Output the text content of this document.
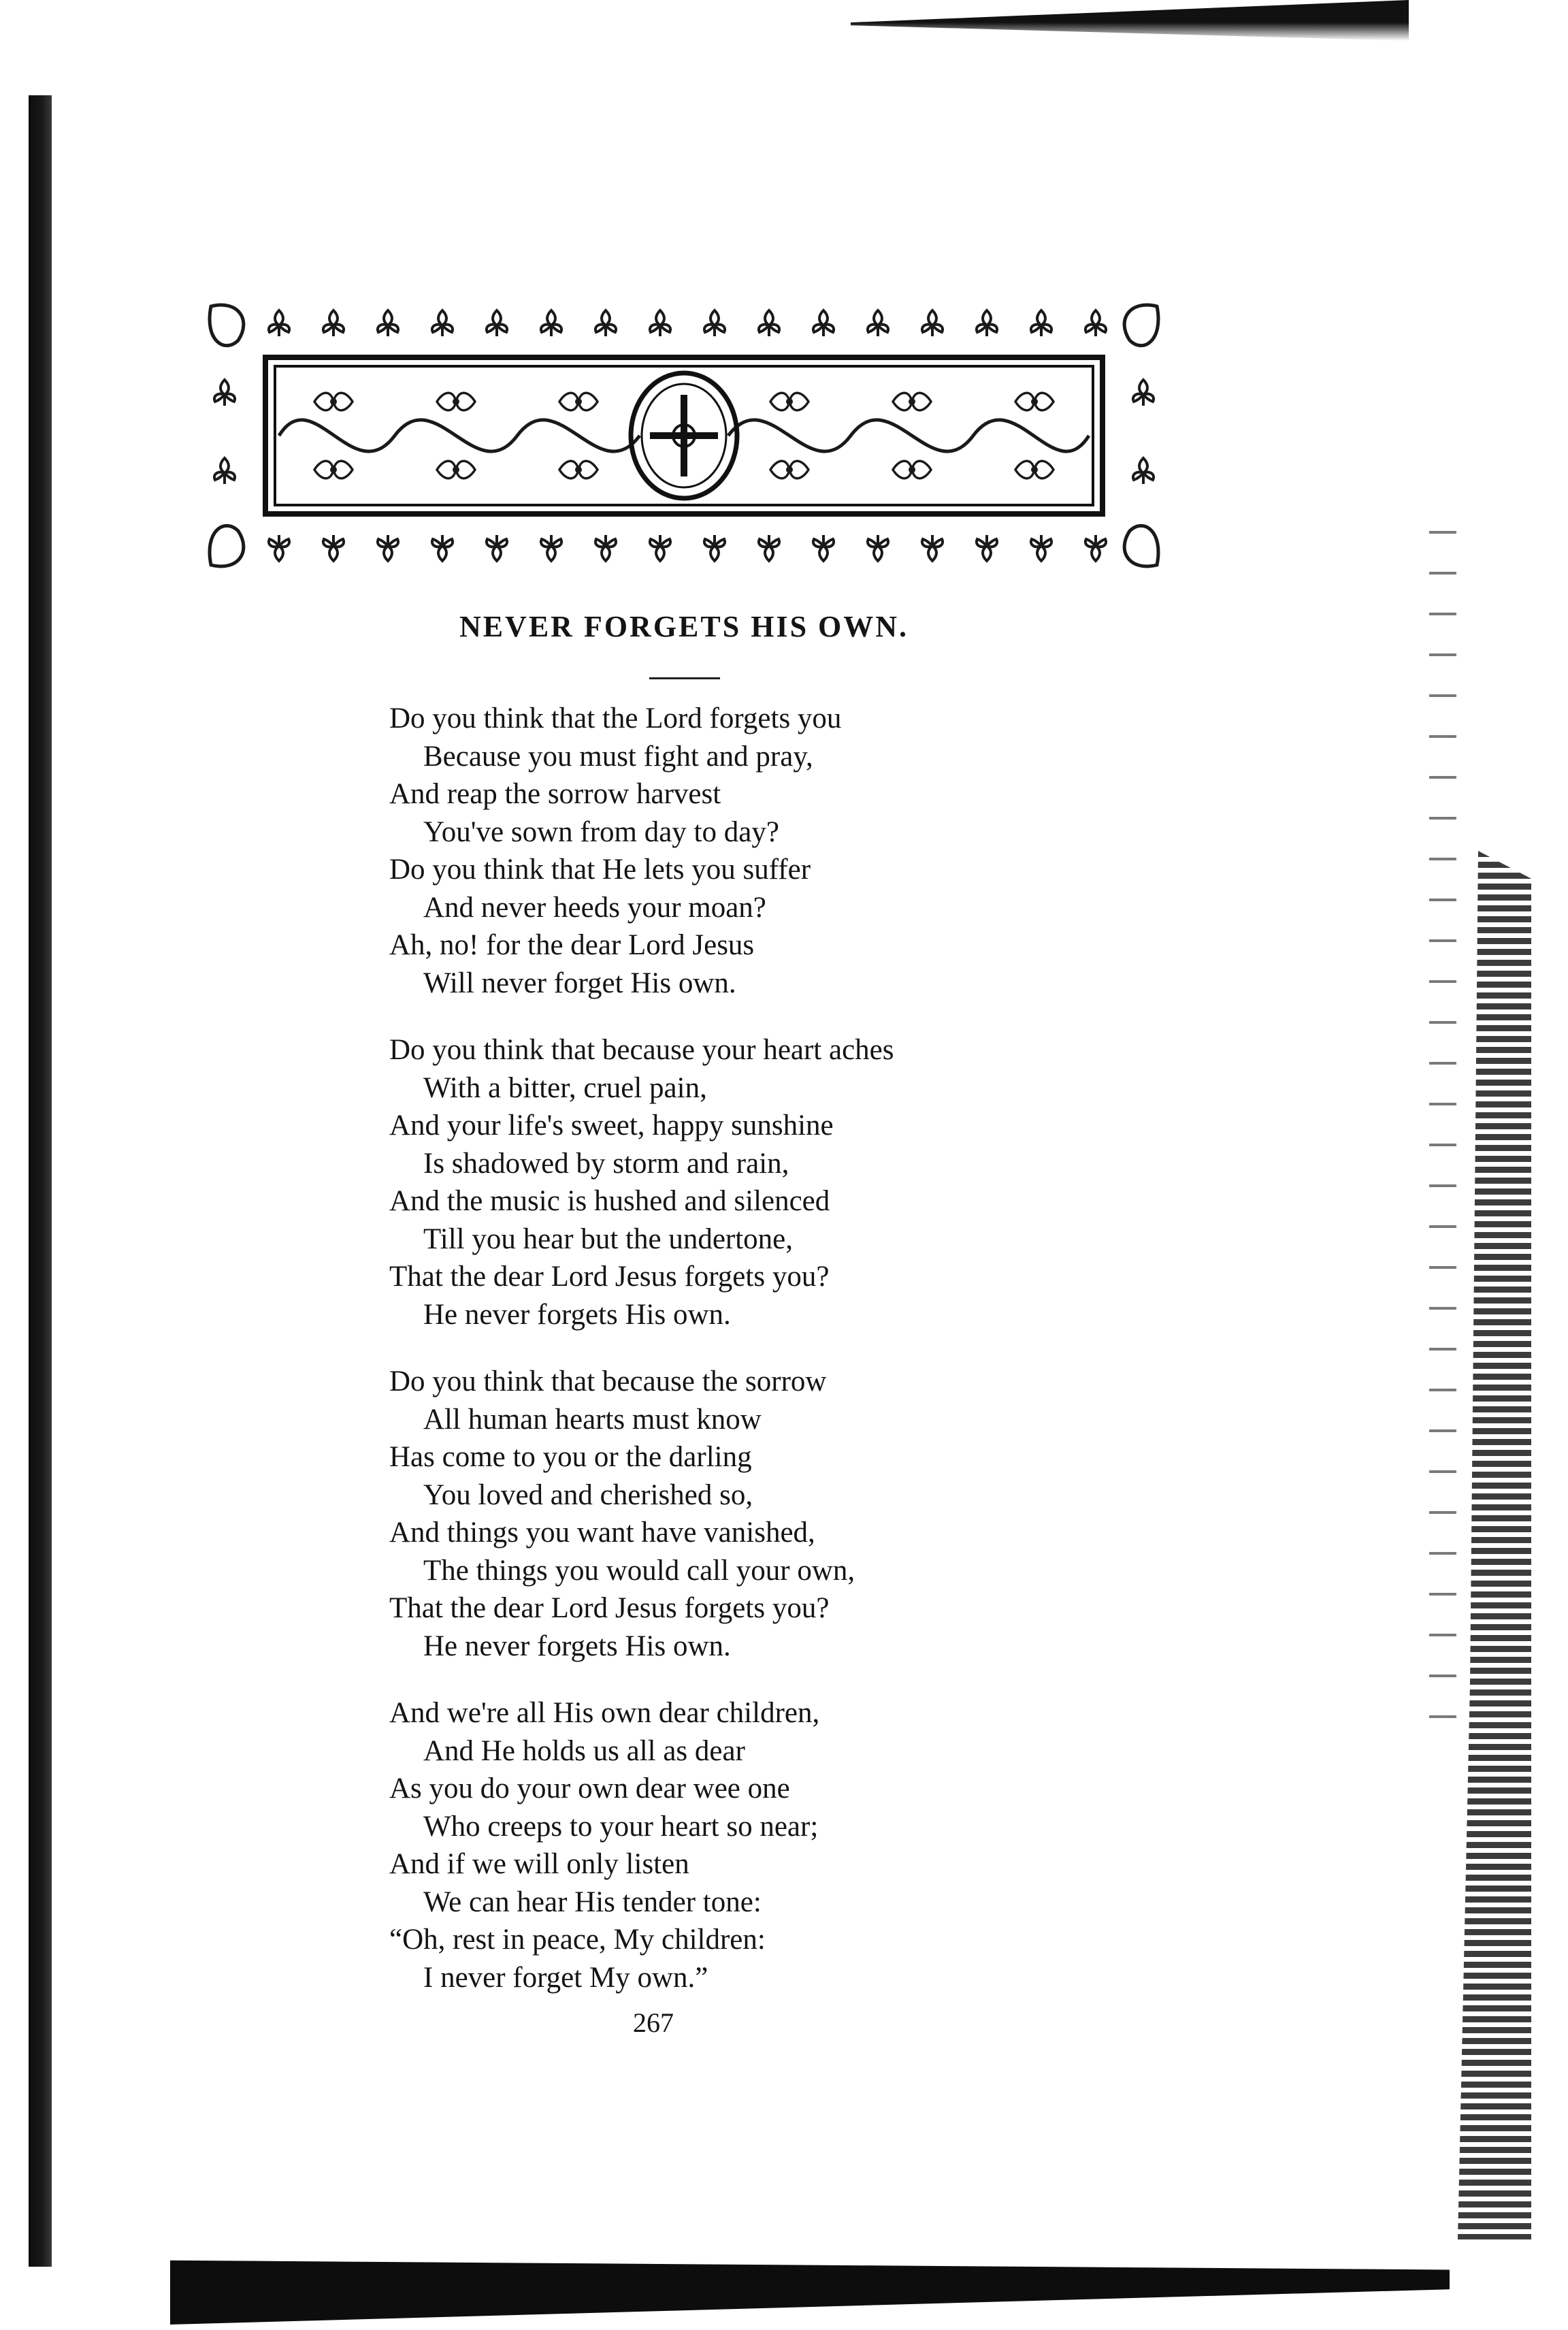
NEVER FORGETS HIS OWN.
Do you think that the Lord forgets you
Because you must fight and pray,
And reap the sorrow harvest
You've sown from day to day?
Do you think that He lets you suffer
And never heeds your moan?
Ah, no! for the dear Lord Jesus
Will never forget His own.
Do you think that because your heart aches
With a bitter, cruel pain,
And your life's sweet, happy sunshine
Is shadowed by storm and rain,
And the music is hushed and silenced
Till you hear but the undertone,
That the dear Lord Jesus forgets you?
He never forgets His own.
Do you think that because the sorrow
All human hearts must know
Has come to you or the darling
You loved and cherished so,
And things you want have vanished,
The things you would call your own,
That the dear Lord Jesus forgets you?
He never forgets His own.
And we're all His own dear children,
And He holds us all as dear
As you do your own dear wee one
Who creeps to your heart so near;
And if we will only listen
We can hear His tender tone:
“Oh, rest in peace, My children:
I never forget My own.”
267
